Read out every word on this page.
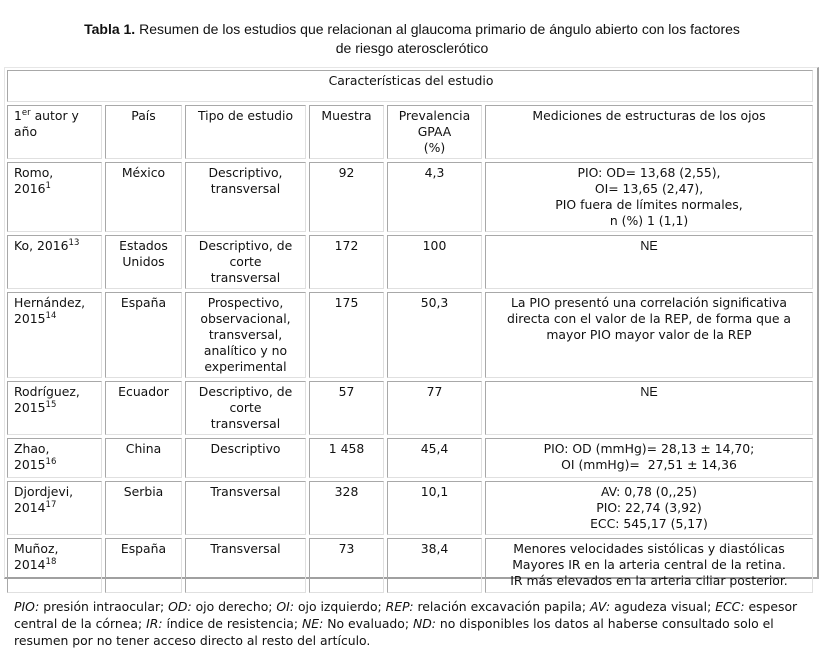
Tabla 1. Resumen de los estudios que relacionan al glaucoma primario de ángulo abierto con los factores
de riesgo aterosclerótico
Características del estudio					
1er autor y año	País	Tipo de estudio	Muestra	Prevalencia
GPAA
(%)	Mediciones de estructuras de los ojos

Romo,
2016$^1$	México	Descriptivo,
transversal	92	4,3	PIO: OD= 13,68 (2,55),
OI= 13,65 (2,47),
PIO fuera de límites normales,
n (%) 1 (1,1)

Ko, 2016$^{13}$	Estados Unidos	Descriptivo, de
corte
transversal	172	100	NE

Hernández,
2015$^{14}$	España	Prospectivo,
observacional,
transversal,
analítico y no
experimental	175	50,3	La PIO presentó una correlación significativa
directa con el valor de la REP, de forma que a
mayor PIO mayor valor de la REP

Rodríguez,
2015$^{15}$	Ecuador	Descriptivo, de
corte
transversal	57	77	NE

Zhao,
2015$^{16}$	China	Descriptivo	1 458	45,4	PIO: OD (mmHg)= 28,13 ± 14,70;
OI (mmHg)=  27,51 ± 14,36

Djordjevi,
2014$^{17}$	Serbia	Transversal	328	10,1	AV: 0,78 (0,,25)
PIO: 22,74 (3,92)
ECC: 545,17 (5,17)

Muñoz,
2014$^{18}$	España	Transversal	73	38,4	Menores velocidades sistólicas y diastólicas
Mayores IR en la arteria central de la retina.
IR más elevados en la arteria ciliar posterior.
PIO: presión intraocular; OD: ojo derecho; OI: ojo izquierdo; REP: relación excavación papila; AV: agudeza visual; ECC: espesor central de la córnea; IR: índice de resistencia; NE: No evaluado; ND: no disponibles los datos al haberse consultado solo el resumen por no tener acceso directo al resto del artículo.
